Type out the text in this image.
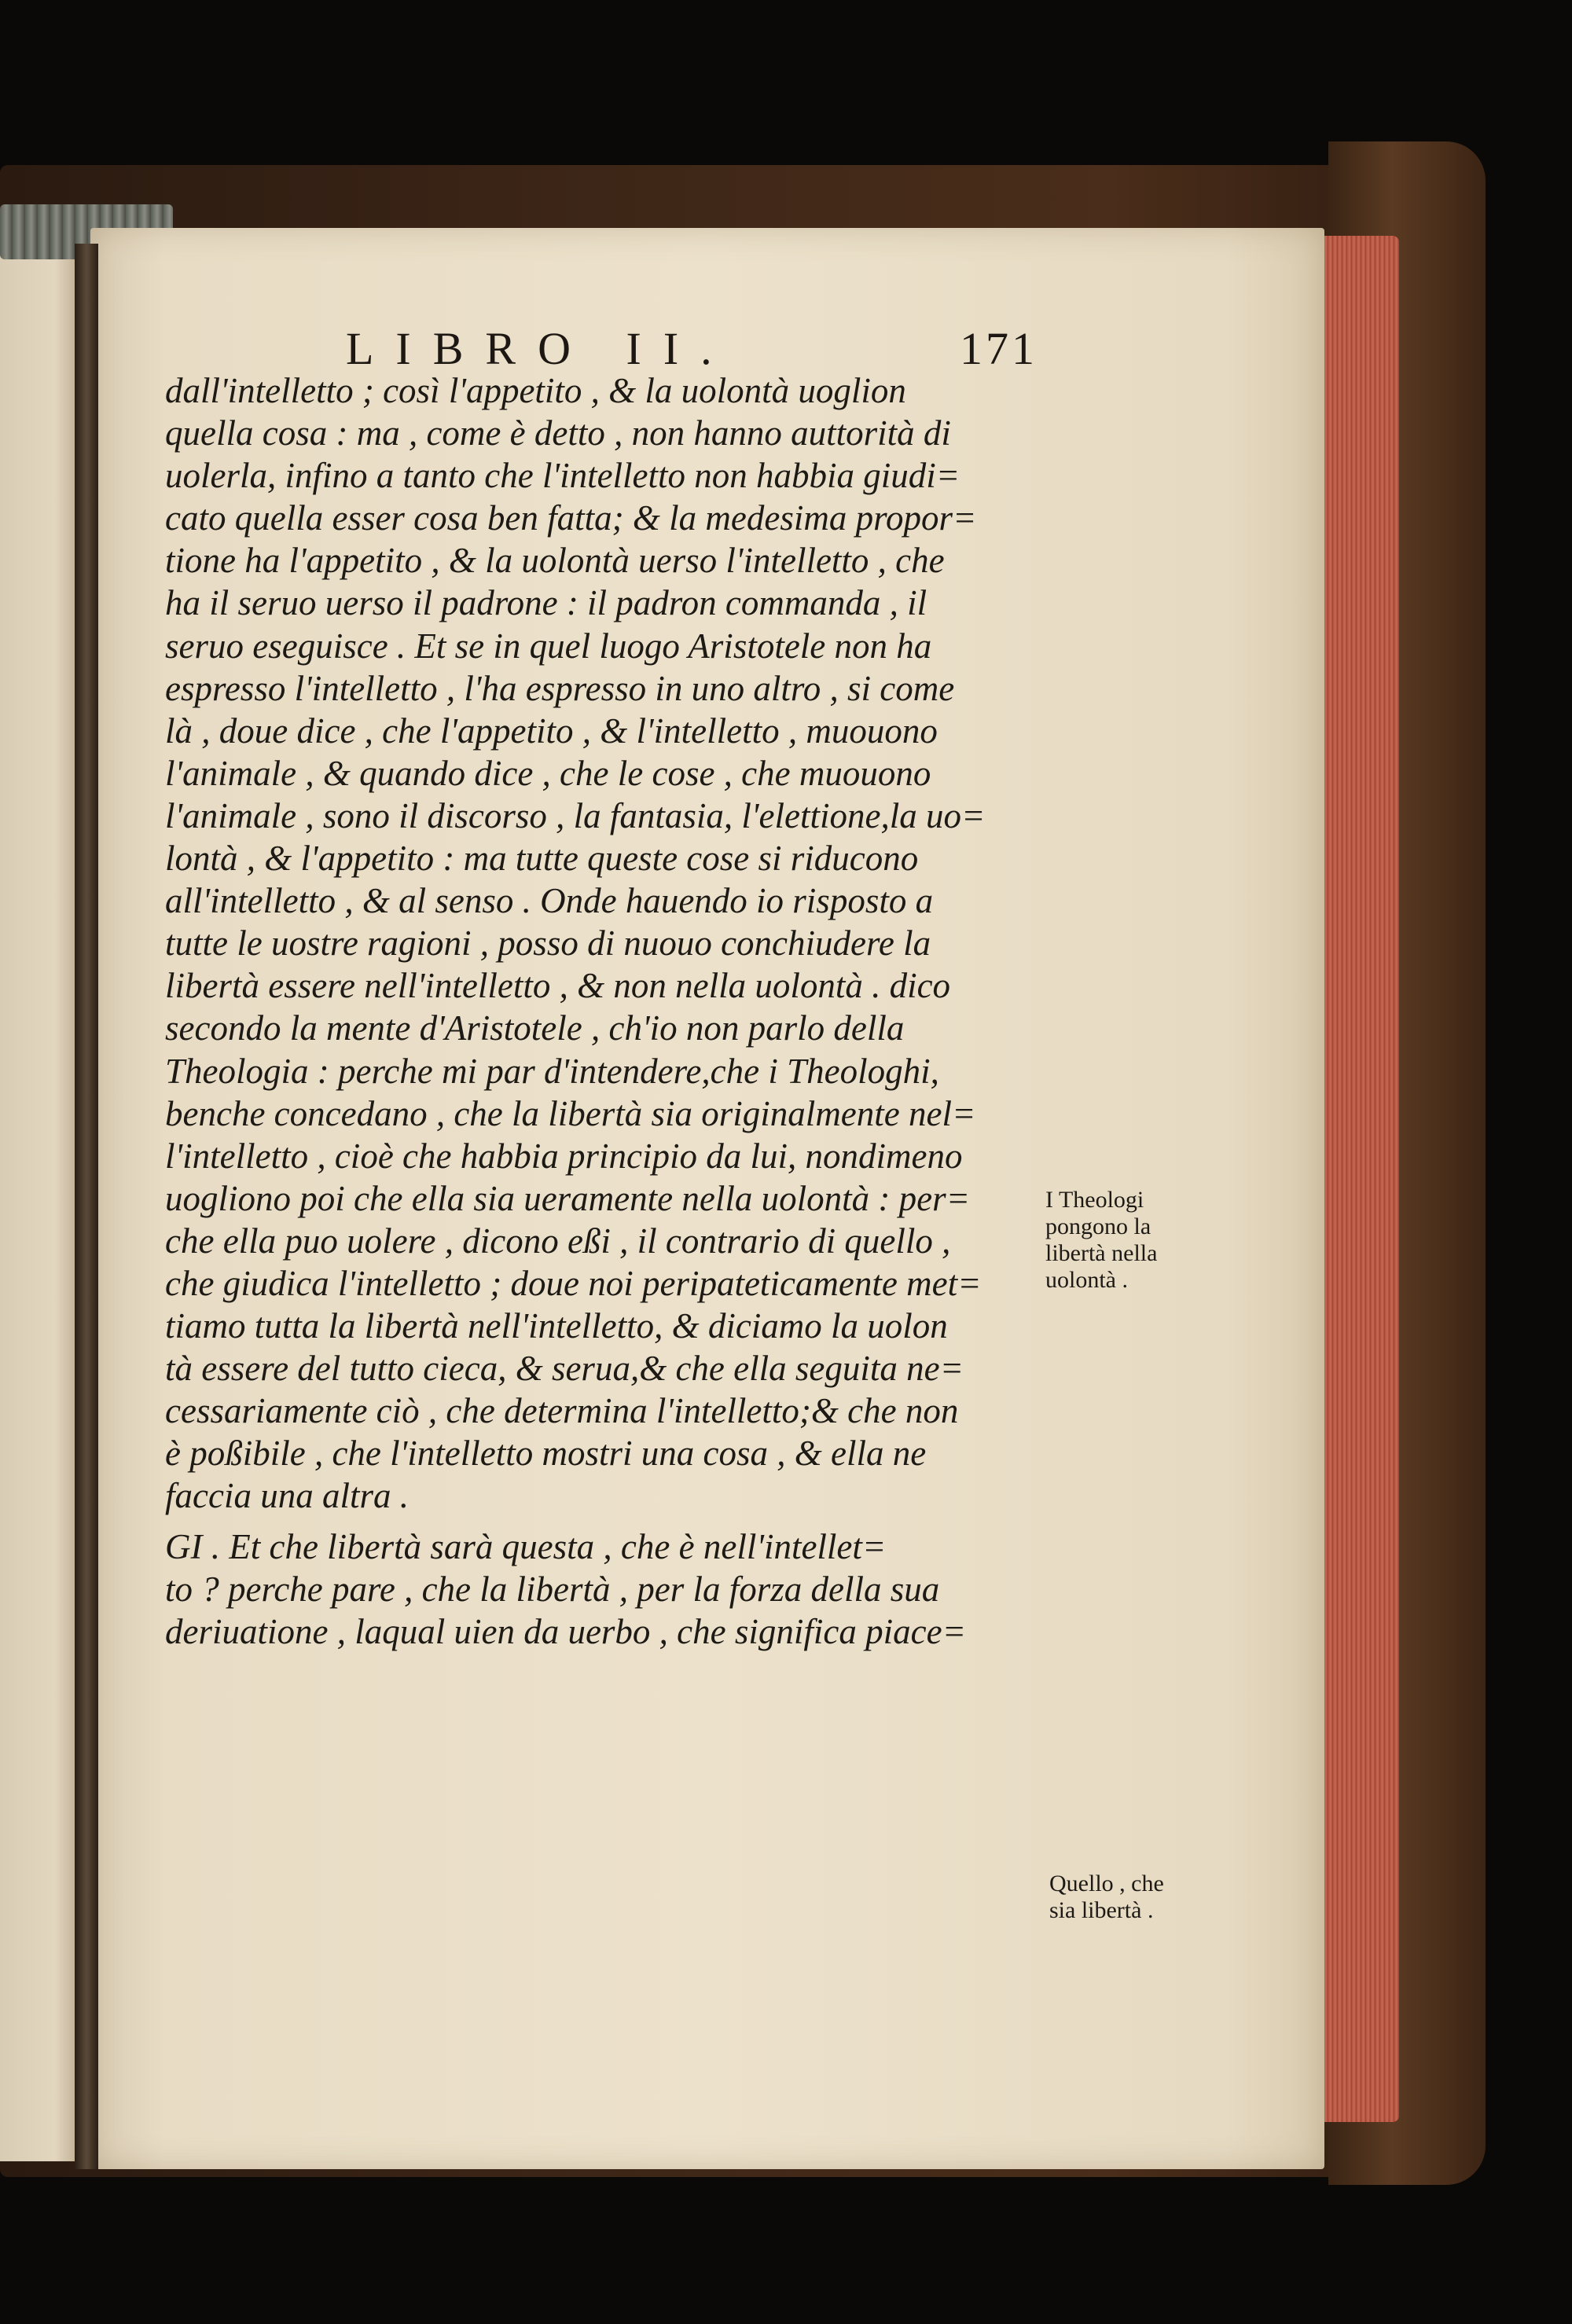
LIBRO II.	171
dall'intelletto ; così l'appetito , & la uolontà uoglion
quella cosa : ma , come è detto , non hanno auttorità di
uolerla, infino a tanto che l'intelletto non habbia giudi=
cato quella esser cosa ben fatta; & la medesima propor=
tione ha l'appetito , & la uolontà uerso l'intelletto , che
ha il seruo uerso il padrone : il padron commanda , il
seruo eseguisce . Et se in quel luogo Aristotele non ha
espresso l'intelletto , l'ha espresso in uno altro , si come
là , doue dice , che l'appetito , & l'intelletto , muouono
l'animale , & quando dice , che le cose , che muouono
l'animale , sono il discorso , la fantasia, l'elettione,la uo=
lontà , & l'appetito : ma tutte queste cose si riducono
all'intelletto , & al senso . Onde hauendo io risposto a
tutte le uostre ragioni , posso di nuouo conchiudere la
libertà essere nell'intelletto , & non nella uolontà . dico
secondo la mente d'Aristotele , ch'io non parlo della
Theologia : perche mi par d'intendere,che i Theologhi,
benche concedano , che la libertà sia originalmente nel=
l'intelletto , cioè che habbia principio da lui, nondimeno
uogliono poi che ella sia ueramente nella uolontà : per=
che ella puo uolere , dicono eßi , il contrario di quello ,
che giudica l'intelletto ; doue noi peripateticamente met=
tiamo tutta la libertà nell'intelletto, & diciamo la uolon
tà essere del tutto cieca, & serua,& che ella seguita ne=
cessariamente ciò , che determina l'intelletto;& che non
è poßibile , che l'intelletto mostri una cosa , & ella ne
faccia una altra .
GI . Et che libertà sarà questa , che è nell'intellet=
to ? perche pare , che la libertà , per la forza della sua
deriuatione , laqual uien da uerbo , che significa piace=
I Theologi
pongono la
libertà nella
uolontà .
Quello , che
sia libertà .
